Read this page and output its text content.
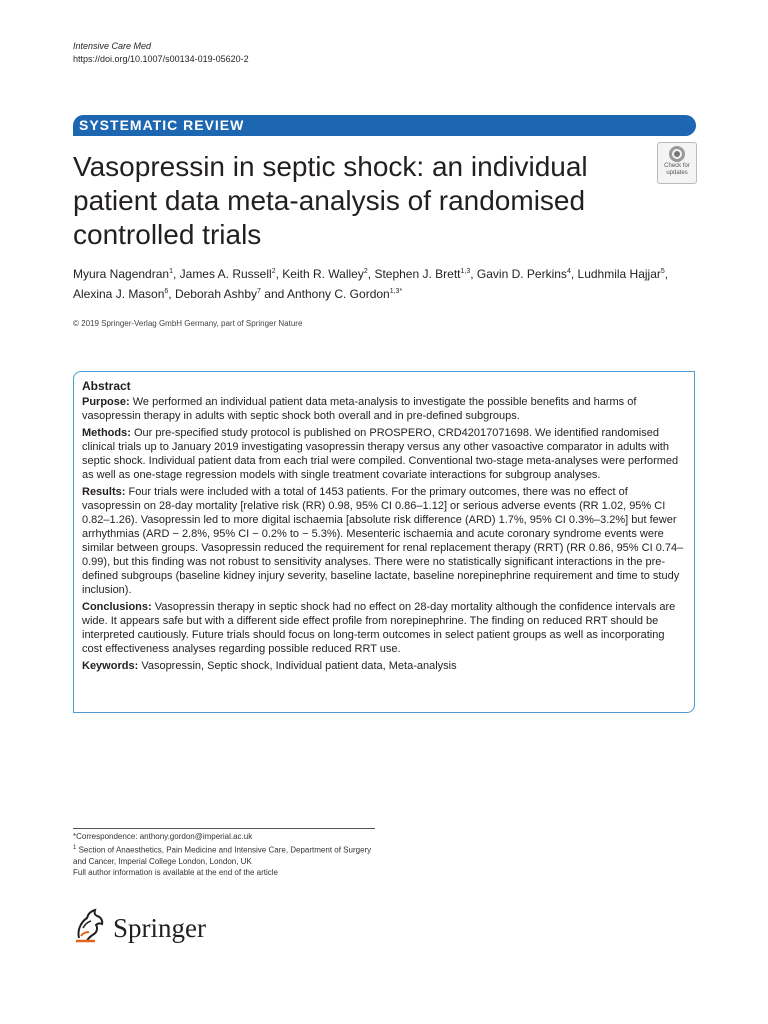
Intensive Care Med
https://doi.org/10.1007/s00134-019-05620-2
SYSTEMATIC REVIEW
Vasopressin in septic shock: an individual patient data meta-analysis of randomised controlled trials
Check for
updates
Myura Nagendran$^1$, James A. Russell$^2$, Keith R. Walley$^2$, Stephen J. Brett$^{1,3}$, Gavin D. Perkins$^4$, Ludhmila Hajjar$^5$,
Alexina J. Mason$^6$, Deborah Ashby$^7$ and Anthony C. Gordon$^{1,3*}$
© 2019 Springer-Verlag GmbH Germany, part of Springer Nature
Abstract

Purpose: We performed an individual patient data meta-analysis to investigate the possible benefits and harms of vasopressin therapy in adults with septic shock both overall and in pre-defined subgroups.

Methods: Our pre-specified study protocol is published on PROSPERO, CRD42017071698. We identified randomised clinical trials up to January 2019 investigating vasopressin therapy versus any other vasoactive comparator in adults with septic shock. Individual patient data from each trial were compiled. Conventional two-stage meta-analyses were performed as well as one-stage regression models with single treatment covariate interactions for subgroup analyses.

Results: Four trials were included with a total of 1453 patients. For the primary outcomes, there was no effect of vasopressin on 28-day mortality [relative risk (RR) 0.98, 95% CI 0.86–1.12] or serious adverse events (RR 1.02, 95% CI 0.82–1.26). Vasopressin led to more digital ischaemia [absolute risk difference (ARD) 1.7%, 95% CI 0.3%–3.2%] but fewer arrhythmias (ARD − 2.8%, 95% CI − 0.2% to − 5.3%). Mesenteric ischaemia and acute coronary syndrome events were similar between groups. Vasopressin reduced the requirement for renal replacement therapy (RRT) (RR 0.86, 95% CI 0.74–0.99), but this finding was not robust to sensitivity analyses. There were no statistically significant interactions in the pre-defined subgroups (baseline kidney injury severity, baseline lactate, baseline norepinephrine requirement and time to study inclusion).

Conclusions: Vasopressin therapy in septic shock had no effect on 28-day mortality although the confidence intervals are wide. It appears safe but with a different side effect profile from norepinephrine. The finding on reduced RRT should be interpreted cautiously. Future trials should focus on long-term outcomes in select patient groups as well as incorporating cost effectiveness analyses regarding possible reduced RRT use.

Keywords: Vasopressin, Septic shock, Individual patient data, Meta-analysis

*Correspondence: anthony.gordon@imperial.ac.uk
$^1$ Section of Anaesthetics, Pain Medicine and Intensive Care, Department of Surgery and Cancer, Imperial College London, London, UK
Full author information is available at the end of the article
Springer
